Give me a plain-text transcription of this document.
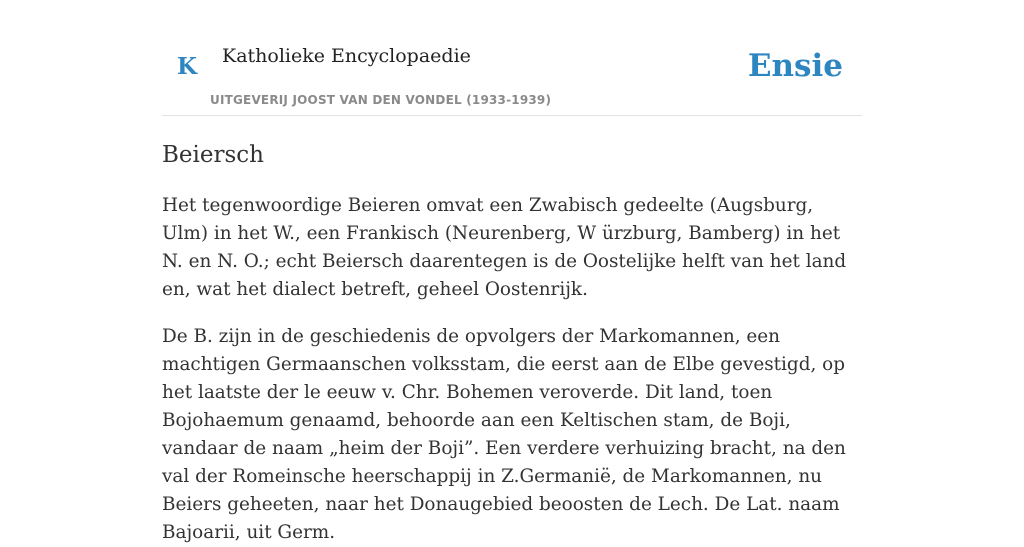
K Katholieke Encyclopaedie
UITGEVERIJ JOOST VAN DEN VONDEL (1933-1939)
Ensie
Beiersch

Het tegenwoordige Beieren omvat een Zwabisch gedeelte (Augsburg, Ulm) in het W., een Frankisch (Neurenberg, W ürzburg, Bamberg) in het N. en N. O.; echt Beiersch daarentegen is de Oostelijke helft van het land en, wat het dialect betreft, geheel Oostenrijk.

De B. zijn in de geschiedenis de opvolgers der Markomannen, een machtigen Germaanschen volksstam, die eerst aan de Elbe gevestigd, op het laatste der le eeuw v. Chr. Bohemen veroverde. Dit land, toen Bojohaemum genaamd, behoorde aan een Keltischen stam, de Boji, vandaar de naam „heim der Boji”. Een verdere verhuizing bracht, na den val der Romeinsche heerschappij in Z.Germanië, de Markomannen, nu Beiers geheeten, naar het Donaugebied beoosten de Lech. De Lat. naam Bajoarii, uit Germ.
